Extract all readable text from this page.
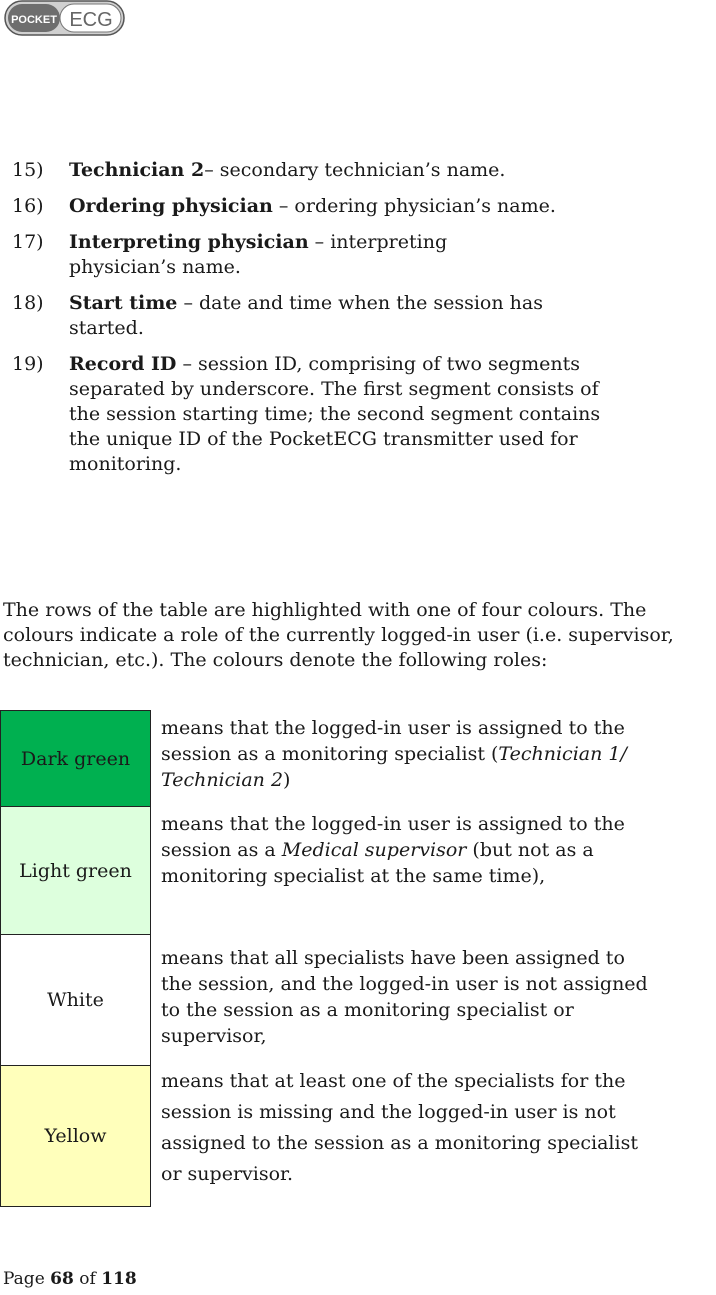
POCKET ECG
15) Technician 2– secondary technician’s name.
16) Ordering physician – ordering physician’s name.
17) Interpreting physician – interpreting physician’s name.
18) Start time – date and time when the session has started.
19) Record ID – session ID, comprising of two segments separated by underscore. The first segment consists of the session starting time; the second segment contains the unique ID of the PocketECG transmitter used for monitoring.
The rows of the table are highlighted with one of four colours. The colours indicate a role of the currently logged-in user (i.e. supervisor, technician, etc.). The colours denote the following roles:
Dark green	means that the logged-in user is assigned to the session as a monitoring specialist (Technician 1/ Technician 2)
Light green	means that the logged-in user is assigned to the session as a Medical supervisor (but not as a monitoring specialist at the same time),
White	means that all specialists have been assigned to the session, and the logged-in user is not assigned to the session as a monitoring specialist or supervisor,
Yellow	means that at least one of the specialists for the session is missing and the logged-in user is not assigned to the session as a monitoring specialist or supervisor.
Page 68 of 118
